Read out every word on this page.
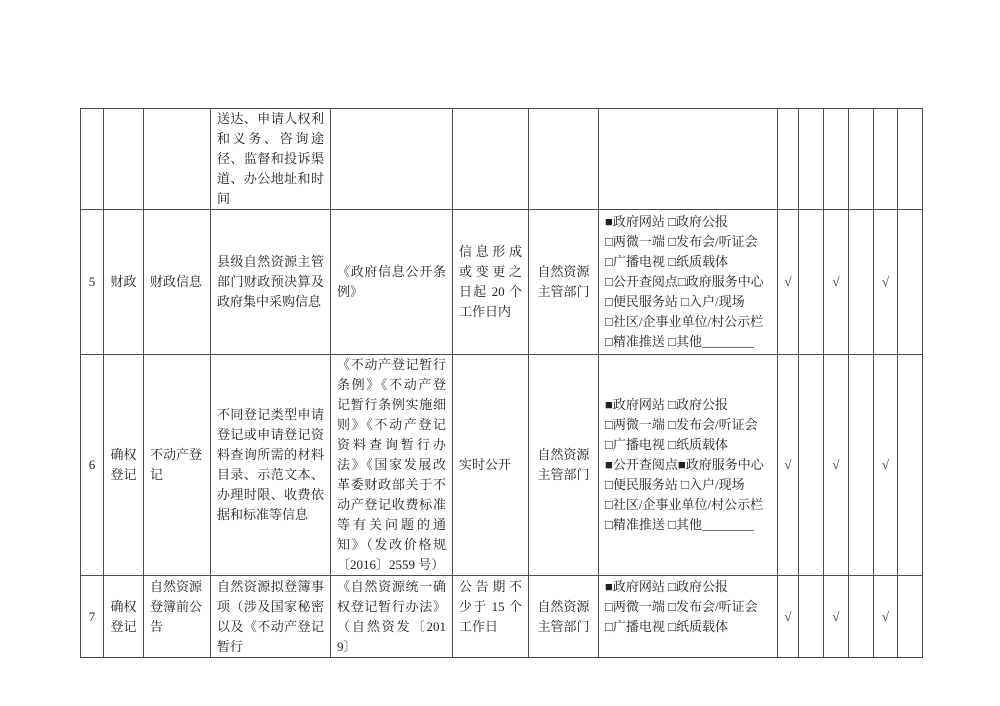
			送达、申请人权利和义务、咨询途径、监督和投诉渠道、办公地址和时间										
5	财政	财政信息	县级自然资源主管部门财政预决算及政府集中采购信息	《政府信息公开条例》	信息形成或变更之日起 20 个工作日内	自然资源主管部门	
■政府网站 □政府公报
□两微一端 □发布会/听证会
□广播电视 □纸质载体
□公开查阅点□政府服务中心
□便民服务站 □入户/现场
□社区/企事业单位/村公示栏
□精准推送 □其他________
	√		√		√	
6	确权登记	不动产登记	不同登记类型申请登记或申请登记资料查询所需的材料目录、示范文本、办理时限、收费依据和标准等信息	《不动产登记暂行条例》《不动产登记暂行条例实施细则》《不动产登记资料查询暂行办法》《国家发展改革委财政部关于不动产登记收费标准等有关问题的通知》（发改价格规〔2016〕2559 号）	实时公开	自然资源主管部门	
■政府网站 □政府公报
□两微一端 □发布会/听证会
□广播电视 □纸质载体
■公开查阅点■政府服务中心
□便民服务站 □入户/现场
□社区/企事业单位/村公示栏
□精准推送 □其他________
	√		√		√	
7	确权登记	自然资源登簿前公告	自然资源拟登簿事项（涉及国家秘密以及《不动产登记暂行	《自然资源统一确权登记暂行办法》（自然资发〔2019〕	公告期不少于 15 个工作日	自然资源主管部门	■政府网站 □政府公报
□两微一端 □发布会/听证会
□广播电视 □纸质载体	√		√		√	
